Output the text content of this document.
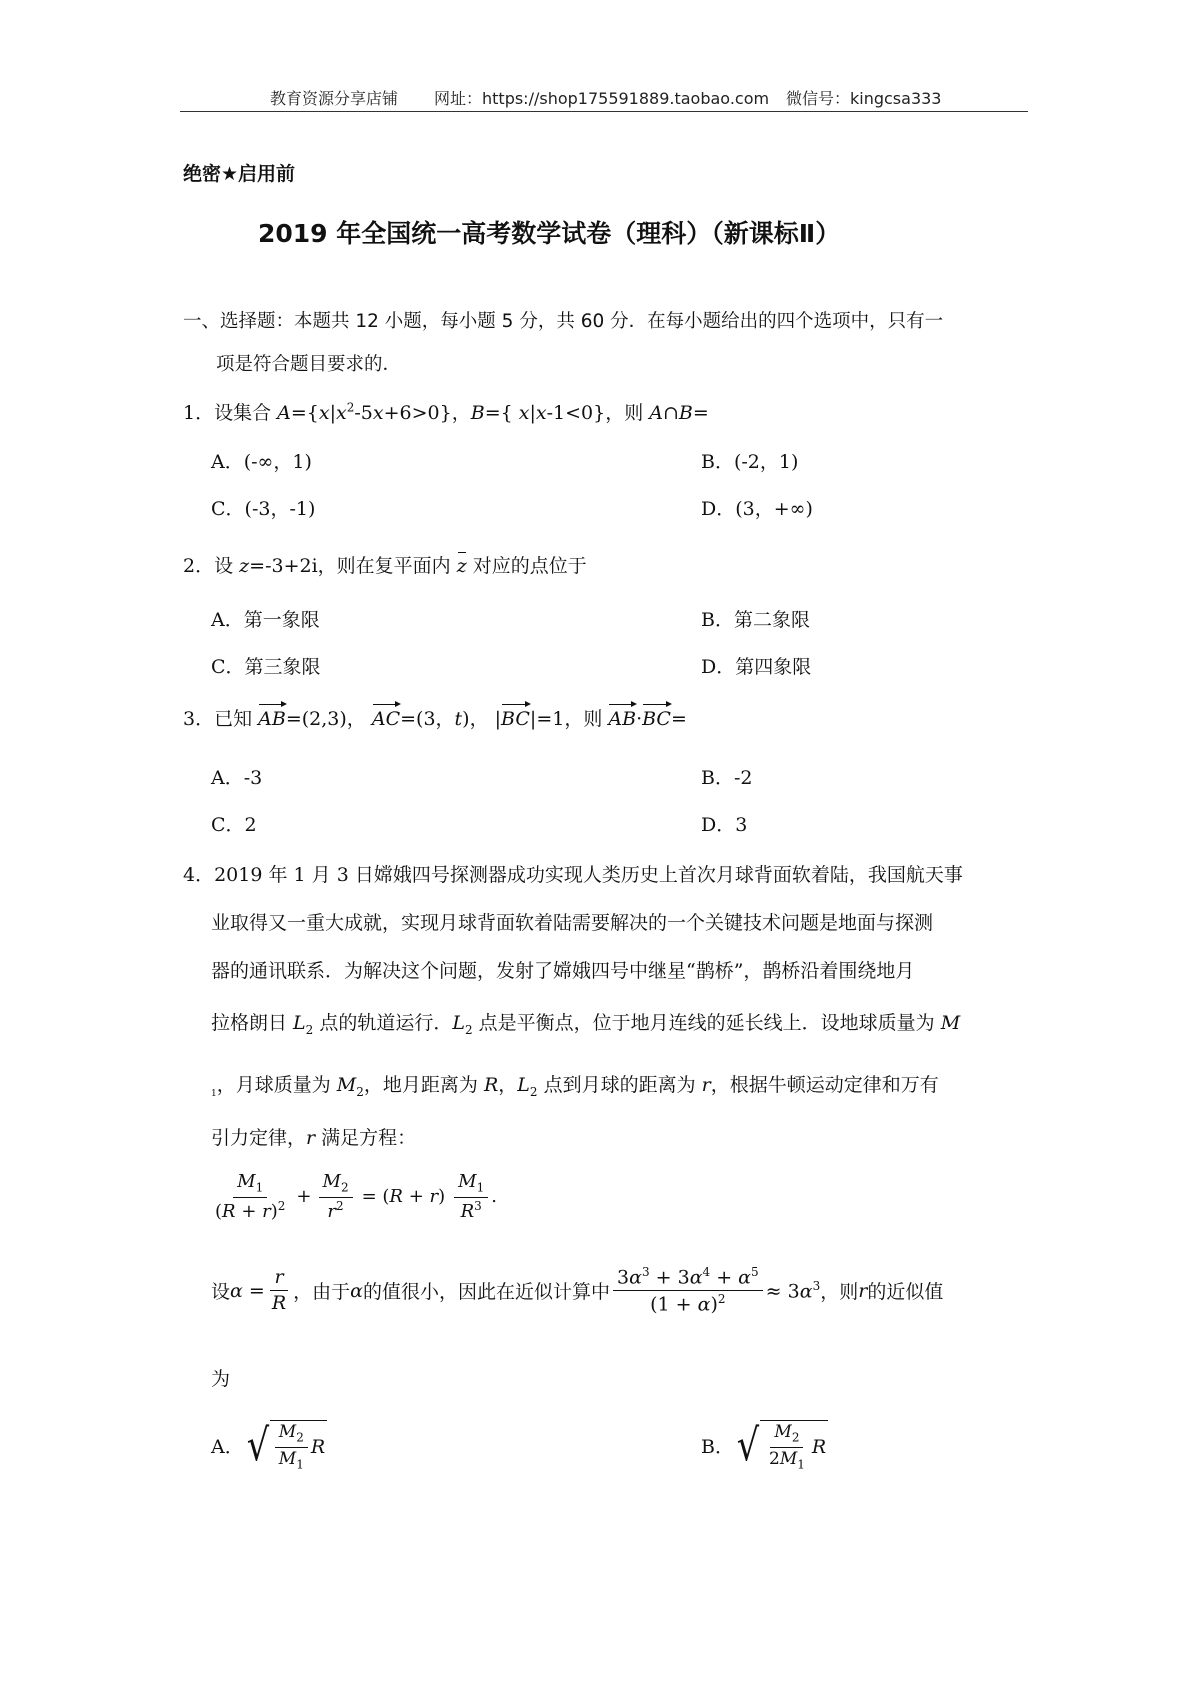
教育资源分享店铺 网址：https://shop175591889.taobao.com 微信号：kingcsa333
绝密★启用前
2019 年全国统一高考数学试卷（理科）（新课标Ⅱ）
一、选择题：本题共 12 小题，每小题 5 分，共 60 分．在每小题给出的四个选项中，只有一
项是符合题目要求的．
1．设集合 $A=\{x|x^2-5x+6>0\}$，B={ x|x-1<0}，则 A∩B=
A．(-∞，1)	B．(-2，1)
C．(-3，-1)	D．(3，+∞)
2．设 z=-3+2i，则在复平面内 z 对应的点位于
A．第一象限	B．第二象限
C．第三象限	D．第四象限
3．已知 AB=(2,3)， AC=(3，t)， |BC|=1，则 AB·BC=
A．-3	B．-2
C．2	D．3
4．2019 年 1 月 3 日嫦娥四号探测器成功实现人类历史上首次月球背面软着陆，我国航天事
业取得又一重大成就，实现月球背面软着陆需要解决的一个关键技术问题是地面与探测
器的通讯联系．为解决这个问题，发射了嫦娥四号中继星“鹊桥”，鹊桥沿着围绕地月
拉格朗日 $L_2$ 点的轨道运行．$L_2$ 点是平衡点，位于地月连线的延长线上．设地球质量为 M
$_1$，月球质量为 $M_2$，地月距离为 R，$L_2$ 点到月球的距离为 r，根据牛顿运动定律和万有
引力定律，r 满足方程：
$\frac{M_1}{(R + r)^2} + \frac{M_2}{r^2} = (R + r) \frac{M_1}{R^3}$ .
设 $\alpha = \frac{r}{R}$ ，由于 α 的值很小，因此在近似计算中 $\frac{3\alpha^3 + 3\alpha^4 + \alpha^5}{(1 + \alpha)^2} \approx 3\alpha^3$ ，则 r 的近似值
为
A． √ $\frac{M_2}{M_1}$ R	B． √ $\frac{M_2}{2M_1}$ R
